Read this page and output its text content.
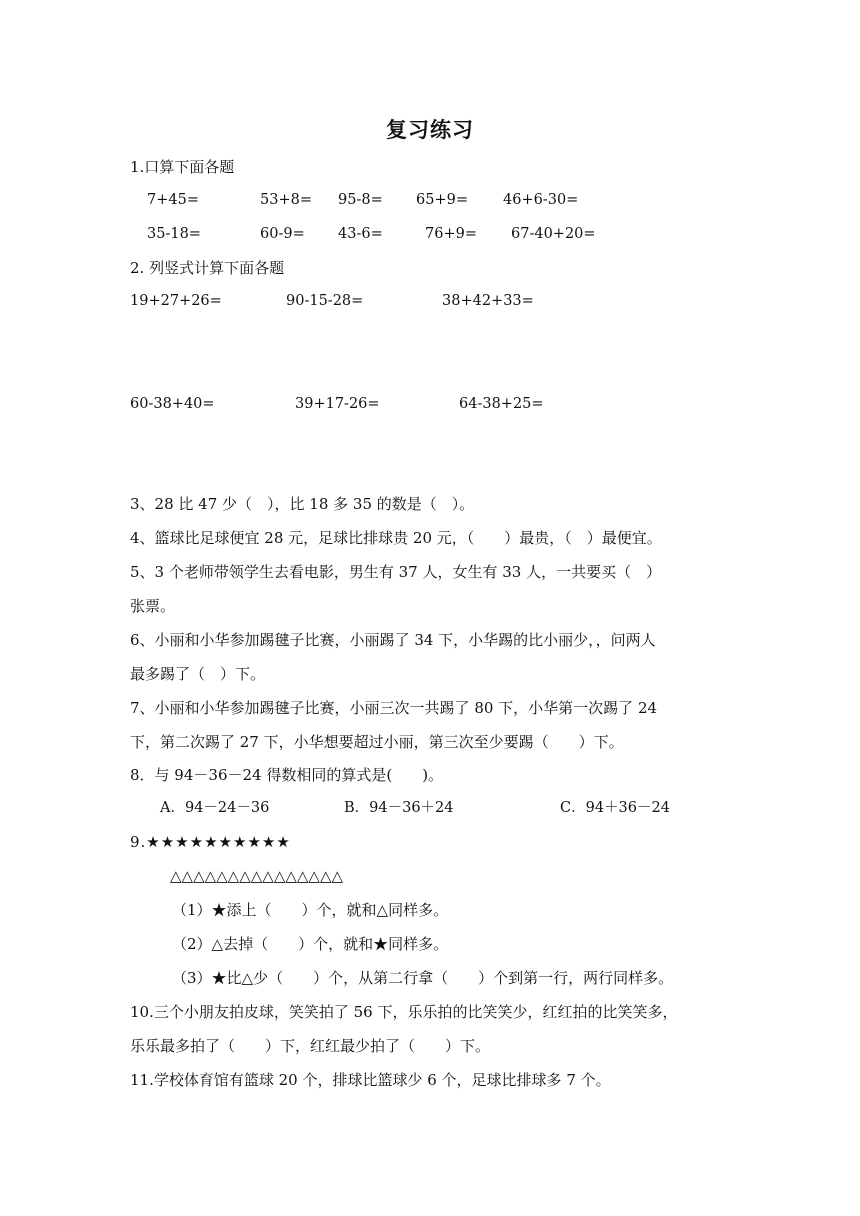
复习练习
1.口算下面各题
7+45=	53+8= 95-8= 65+9= 46+6-30=
35-18=	60-9= 43-6=	76+9= 67-40+20=
2. 列竖式计算下面各题
19+27+26=	90-15-28=	38+42+33=
60-38+40=	39+17-26=	64-38+25=
3、28 比 47 少（　），比 18 多 35 的数是（　）。
4、篮球比足球便宜 28 元，足球比排球贵 20 元，（　　）最贵，（　）最便宜。
5、3 个老师带领学生去看电影，男生有 37 人，女生有 33 人，一共要买（　）
张票。
6、小丽和小华参加踢毽子比赛，小丽踢了 34 下，小华踢的比小丽少，，问两人
最多踢了（　）下。
7、小丽和小华参加踢毽子比赛，小丽三次一共踢了 80 下，小华第一次踢了 24
下，第二次踢了 27 下，小华想要超过小丽，第三次至少要踢（　　）下。
8．与 94－36－24 得数相同的算式是(　　)。
A．94－24－36	B．94－36＋24	C．94＋36－24
9.★★★★★★★★★★
△△△△△△△△△△△△△△△
（1）★添上（　　）个，就和△同样多。
（2）△去掉（　　）个，就和★同样多。
（3）★比△少（　　）个，从第二行拿（　　）个到第一行，两行同样多。
10.三个小朋友拍皮球，笑笑拍了 56 下，乐乐拍的比笑笑少，红红拍的比笑笑多，
乐乐最多拍了（　　）下，红红最少拍了（　　）下。
11.学校体育馆有篮球 20 个，排球比篮球少 6 个，足球比排球多 7 个。
